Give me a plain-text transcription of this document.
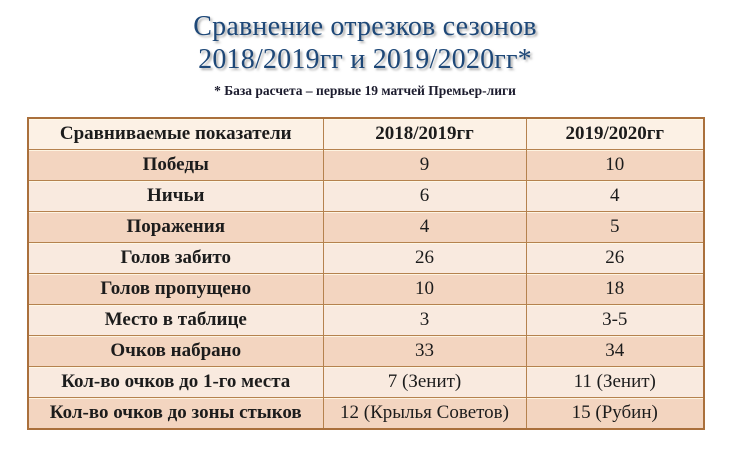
Сравнение отрезков сезонов
2018/2019гг и 2019/2020гг*
* База расчета – первые 19 матчей Премьер-лиги
Сравниваемые показатели	2018/2019гг	2019/2020гг
Победы	9	10
Ничьи	6	4
Поражения	4	5
Голов забито	26	26
Голов пропущено	10	18
Место в таблице	3	3-5
Очков набрано	33	34
Кол-во очков до 1-го места	7 (Зенит)	11 (Зенит)
Кол-во очков до зоны стыков	12 (Крылья Советов)	15 (Рубин)
